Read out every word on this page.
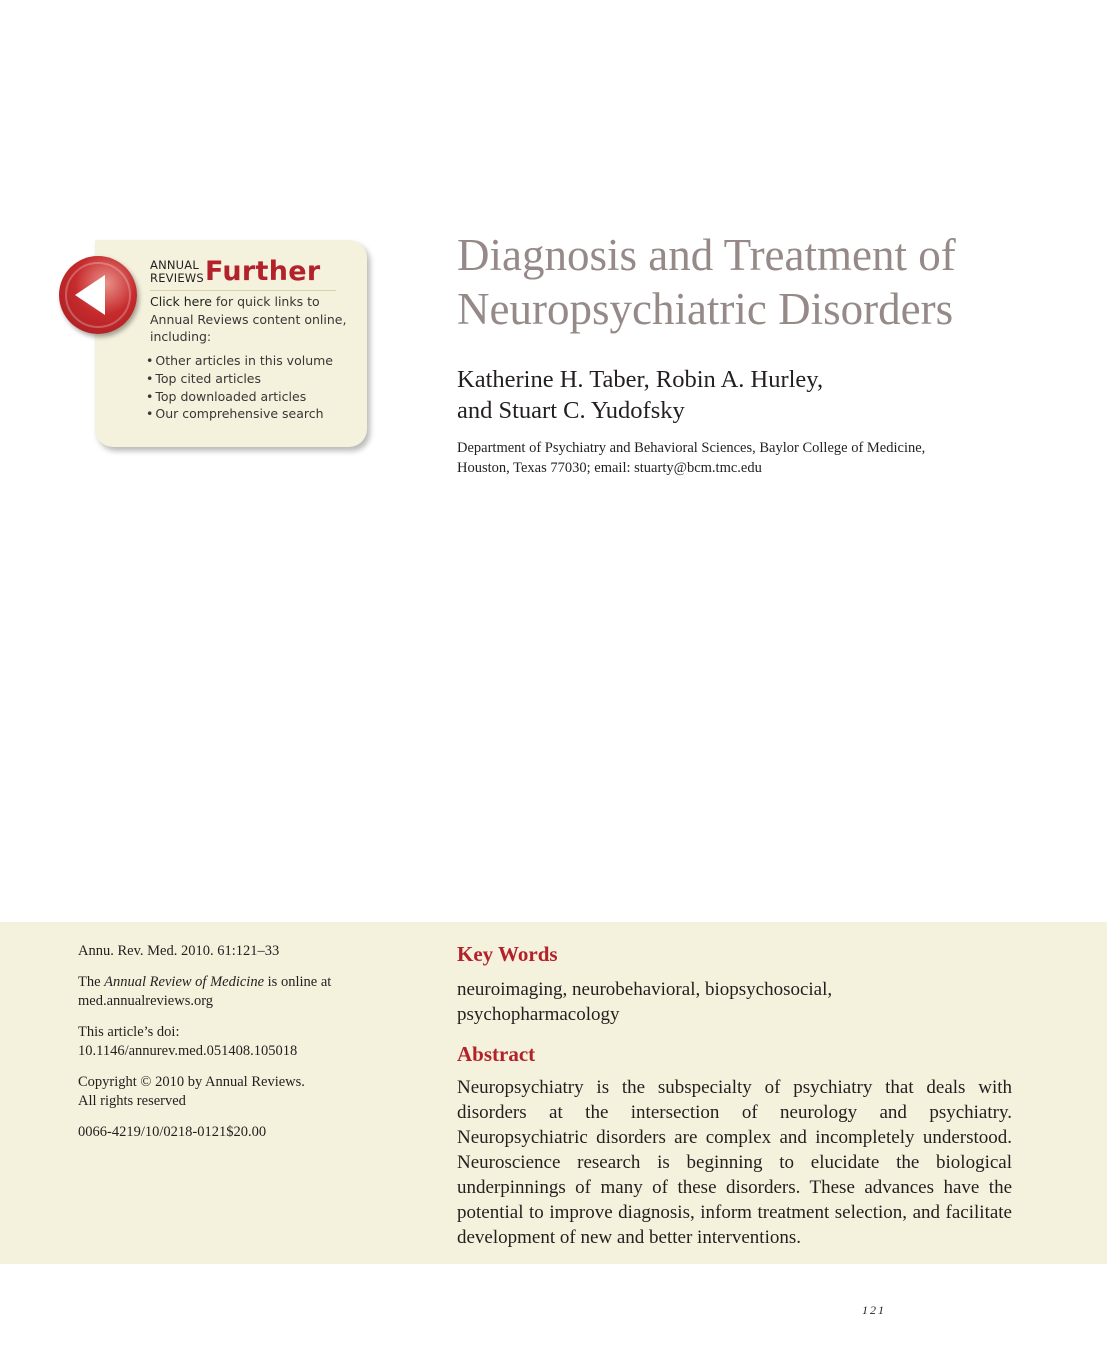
ANNUAL
REVIEWS Further
Click here for quick links to Annual Reviews content online, including:
• Other articles in this volume
• Top cited articles
• Top downloaded articles
• Our comprehensive search
Diagnosis and Treatment of
Neuropsychiatric Disorders
Katherine H. Taber, Robin A. Hurley,
and Stuart C. Yudofsky
Department of Psychiatry and Behavioral Sciences, Baylor College of Medicine,
Houston, Texas 77030; email: stuarty@bcm.tmc.edu

Annu. Rev. Med. 2010. 61:121–33

The Annual Review of Medicine is online at
med.annualreviews.org

This article’s doi:
10.1146/annurev.med.051408.105018

Copyright © 2010 by Annual Reviews.
All rights reserved

0066-4219/10/0218-0121$20.00

Key Words
neuroimaging, neurobehavioral, biopsychosocial, psychopharmacology
Abstract

Neuropsychiatry is the subspecialty of psychiatry that deals with disorders at the intersection of neurology and psychiatry. Neuropsychiatric disorders are complex and incompletely understood. Neuroscience research is beginning to elucidate the biological underpinnings of many of these disorders. These advances have the potential to improve diagnosis, inform treatment selection, and facilitate development of new and better interventions.

121
